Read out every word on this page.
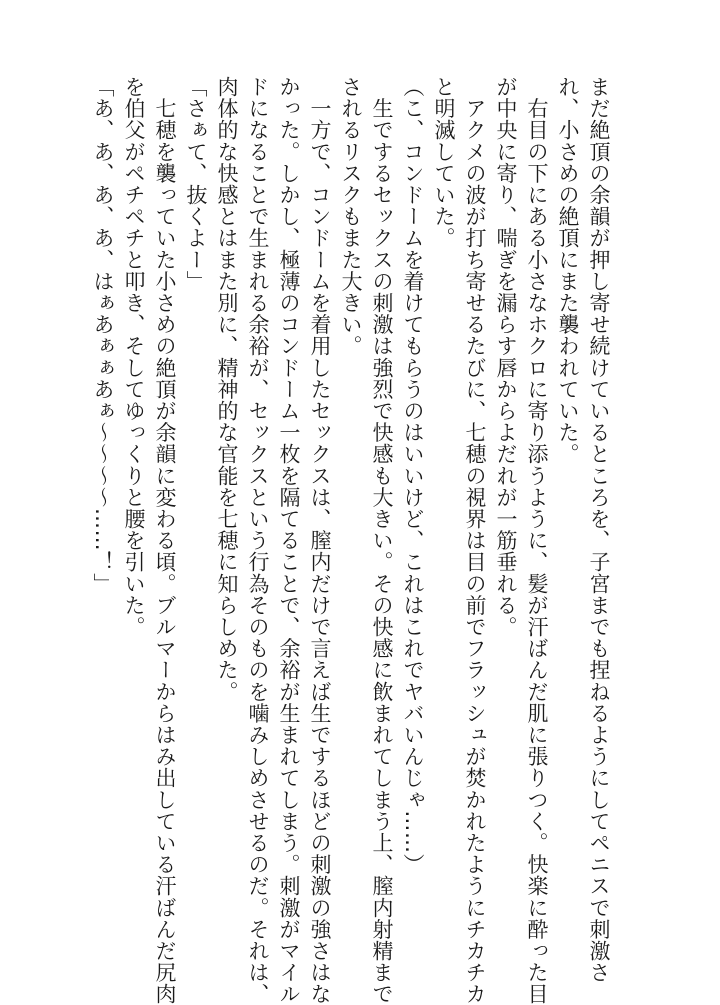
まだ絶頂の余韻が押し寄せ続けているところを、子宮までも捏ねるようにしてペニスで刺激さ
れ、小さめの絶頂にまた襲われていた。
　右目の下にある小さなホクロに寄り添うように、髪が汗ばんだ肌に張りつく。快楽に酔った目
が中央に寄り、喘ぎを漏らす唇からよだれが一筋垂れる。
　アクメの波が打ち寄せるたびに、七穂の視界は目の前でフラッシュが焚かれたようにチカチカ
と明滅していた。
（こ、コンドームを着けてもらうのはいいけど、これはこれでヤバいんじゃ……）
　生でするセックスの刺激は強烈で快感も大きい。その快感に飲まれてしまう上、膣内射精まで
されるリスクもまた大きい。
　一方で、コンドームを着用したセックスは、膣内だけで言えば生でするほどの刺激の強さはな
かった。しかし、極薄のコンドーム一枚を隔てることで、余裕が生まれてしまう。刺激がマイル
ドになることで生まれる余裕が、セックスという行為そのものを噛みしめさせるのだ。それは、
肉体的な快感とはまた別に、精神的な官能を七穂に知らしめた。
「さぁて、抜くよー」
　七穂を襲っていた小さめの絶頂が余韻に変わる頃。ブルマーからはみ出している汗ばんだ尻肉
を伯父がペチペチと叩き、そしてゆっくりと腰を引いた。
「あ、あ、あ、あ、はぁあぁぁあぁ～～～～……！」
